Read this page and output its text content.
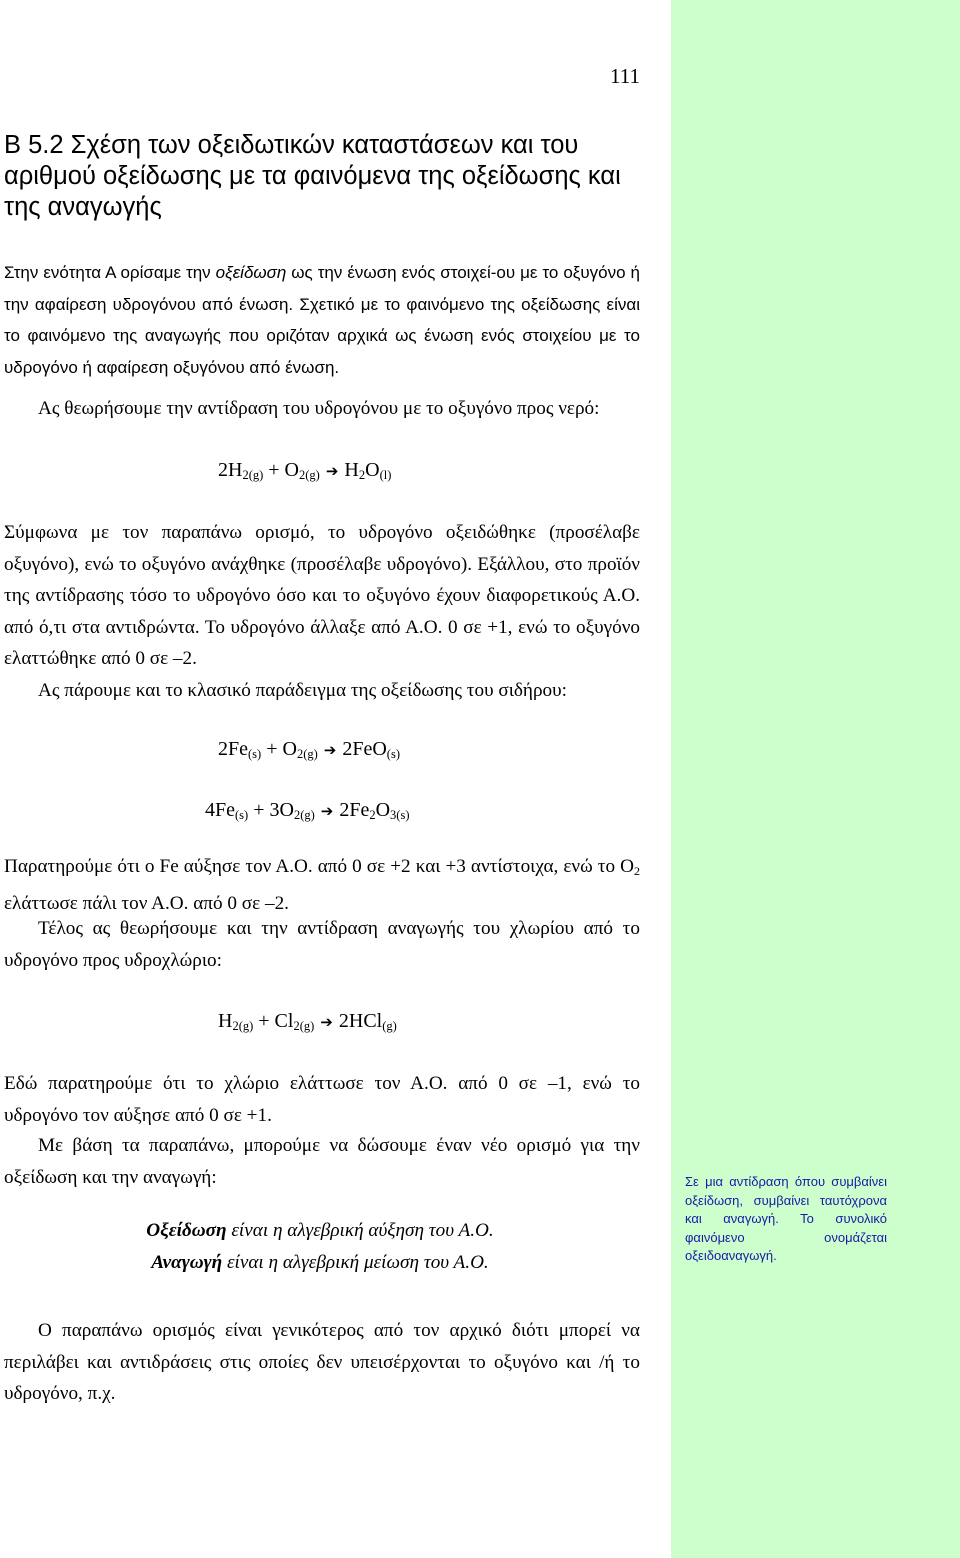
111
Β 5.2 Σχέση των οξειδωτικών καταστάσεων και του αριθμού οξείδωσης με τα φαινόμενα της οξείδωσης και της αναγωγής

Στην ενότητα Α ορίσαμε την οξείδωση ως την ένωση ενός στοιχεί-ου με το οξυγόνο ή την αφαίρεση υδρογόνου από ένωση. Σχετικό με το φαινόμενο της οξείδωσης είναι το φαινόμενο της αναγωγής που οριζόταν αρχικά ως ένωση ενός στοιχείου με το υδρογόνο ή αφαίρεση οξυγόνου από ένωση.

Ας θεωρήσουμε την αντίδραση του υδρογόνου με το οξυγόνο προς νερό:

$2H_{2(g)} + O_{2(g)}$ ➔ $H_2O_{(l)}$

Σύμφωνα με τον παραπάνω ορισμό, το υδρογόνο οξειδώθηκε (προσέλαβε οξυγόνο), ενώ το οξυγόνο ανάχθηκε (προσέλαβε υδρογόνο). Εξάλλου, στο προϊόν της αντίδρασης τόσο το υδρογόνο όσο και το οξυγόνο έχουν διαφορετικούς Α.Ο. από ό,τι στα αντιδρώντα. Το υδρογόνο άλλαξε από Α.Ο. 0 σε +1, ενώ το οξυγόνο ελαττώθηκε από 0 σε –2.

Ας πάρουμε και το κλασικό παράδειγμα της οξείδωσης του σιδήρου:

$2Fe_{(s)} + O_{2(g)}$ ➔ 2FeO$_{(s)}$
$4Fe_{(s)} + 3O_{2(g)}$ ➔ $2Fe_2O_{3(s)}$

Παρατηρούμε ότι ο Fe αύξησε τον Α.Ο. από 0 σε +2 και +3 αντίστοιχα, ενώ το O2 ελάττωσε πάλι τον Α.Ο. από 0 σε –2.

Τέλος ας θεωρήσουμε και την αντίδραση αναγωγής του χλωρίου από το υδρογόνο προς υδροχλώριο:

$H_{2(g)} + Cl_{2(g)}$ ➔ 2HCl$_{(g)}$

Εδώ παρατηρούμε ότι το χλώριο ελάττωσε τον Α.Ο. από 0 σε –1, ενώ το υδρογόνο τον αύξησε από 0 σε +1.

Με βάση τα παραπάνω, μπορούμε να δώσουμε έναν νέο ορισμό για την οξείδωση και την αναγωγή:

Οξείδωση είναι η αλγεβρική αύξηση του Α.Ο.
Αναγωγή είναι η αλγεβρική μείωση του Α.Ο.

Ο παραπάνω ορισμός είναι γενικότερος από τον αρχικό διότι μπορεί να περιλάβει και αντιδράσεις στις οποίες δεν υπεισέρχονται το οξυγόνο και /ή το υδρογόνο, π.χ.

Σε μια αντίδραση όπου συμβαίνει οξείδωση, συμβαίνει ταυτόχρονα και αναγωγή. Το συνολικό φαινόμενο ονομάζεται οξειδοαναγωγή.
